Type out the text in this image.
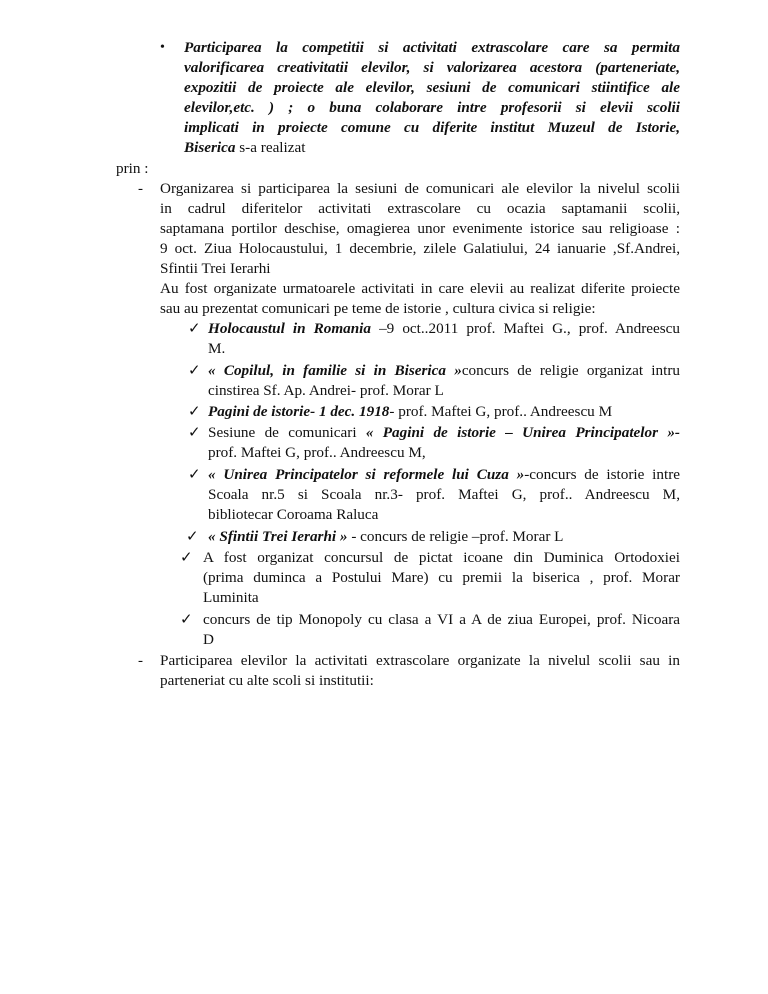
• Participarea la competitii si activitati extrascolare care sa permita
valorificarea creativitatii elevilor, si valorizarea acestora (parteneriate,
expozitii de proiecte ale elevilor, sesiuni de comunicari stiintifice ale
elevilor,etc. ) ; o buna colaborare intre profesorii si elevii scolii
implicati in proiecte comune cu diferite institut Muzeul de Istorie,
Biserica s-a realizat
prin :
- Organizarea si participarea la sesiuni de comunicari ale elevilor la nivelul scolii
in cadrul diferitelor activitati extrascolare cu ocazia saptamanii scolii,
saptamana portilor deschise, omagierea unor evenimente istorice sau religioase :
9 oct. Ziua Holocaustului, 1 decembrie, zilele Galatiului, 24 ianuarie ,Sf.Andrei,
Sfintii Trei Ierarhi
Au fost organizate urmatoarele activitati in care elevii au realizat diferite proiecte
sau au prezentat comunicari pe teme de istorie , cultura civica si religie:
✓ Holocaustul in Romania –9 oct..2011 prof. Maftei G., prof. Andreescu
M.
✓ « Copilul, in familie si in Biserica »concurs de religie organizat intru
cinstirea Sf. Ap. Andrei- prof. Morar L
✓ Pagini de istorie- 1 dec. 1918- prof. Maftei G, prof.. Andreescu M
✓ Sesiune de comunicari « Pagini de istorie – Unirea Principatelor »-
prof. Maftei G, prof.. Andreescu M,
✓ « Unirea Principatelor si reformele lui Cuza »-concurs de istorie intre
Scoala nr.5 si Scoala nr.3- prof. Maftei G, prof.. Andreescu M,
bibliotecar Coroama Raluca
✓ « Sfintii Trei Ierarhi » - concurs de religie –prof. Morar L
✓ A fost organizat concursul de pictat icoane din Duminica Ortodoxiei
(prima duminca a Postului Mare) cu premii la biserica , prof. Morar
Luminita
✓ concurs de tip Monopoly cu clasa a VI a A de ziua Europei, prof. Nicoara
D
- Participarea elevilor la activitati extrascolare organizate la nivelul scolii sau in
parteneriat cu alte scoli si institutii:
